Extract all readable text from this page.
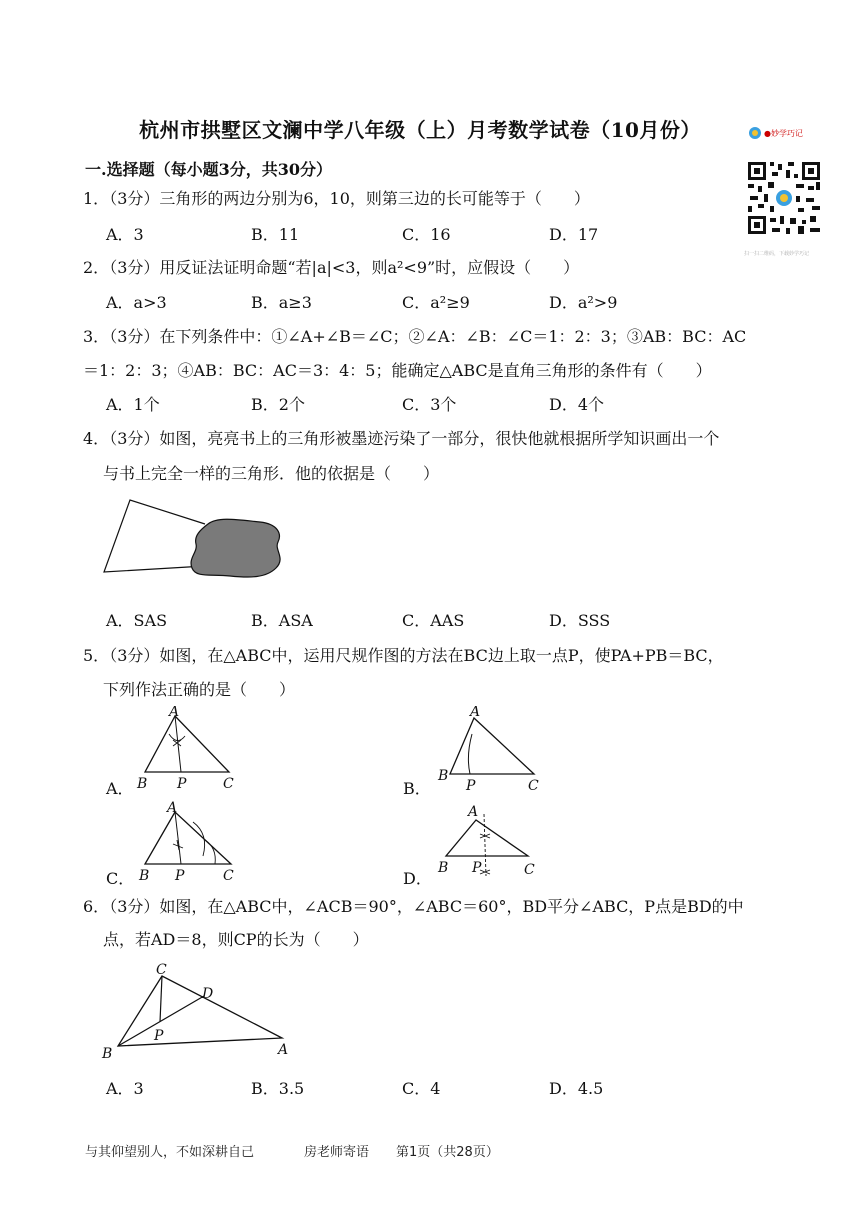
杭州市拱墅区文澜中学八年级（上）月考数学试卷（10月份）	●妙学巧记
扫一扫二维码，下载妙学巧记
一.选择题（每小题3分，共30分）
1．（3分）三角形的两边分别为6，10，则第三边的长可能等于（　　）
A．3	B．11	C．16	D．17
2．（3分）用反证法证明命题“若|a|<3，则a²<9”时，应假设（　　）
A．a>3	B．a≥3	C．a²≥9	D．a²>9
3．（3分）在下列条件中：①∠A+∠B＝∠C；②∠A：∠B：∠C＝1：2：3；③AB：BC：AC
＝1：2：3；④AB：BC：AC＝3：4：5；能确定△ABC是直角三角形的条件有（　　）
A．1个	B．2个	C．3个	D．4个
4．（3分）如图，亮亮书上的三角形被墨迹污染了一部分，很快他就根据所学知识画出一个
与书上完全一样的三角形．他的依据是（　　）
A．SAS	B．ASA	C．AAS	D．SSS
5．（3分）如图，在△ABC中，运用尺规作图的方法在BC边上取一点P，使PA+PB＝BC，
下列作法正确的是（　　）
A．
A
B P	C	B．
A
B
P	C
C．
A
B P	C	D．
A
B P	C
6．（3分）如图，在△ABC中，∠ACB＝90°，∠ABC＝60°，BD平分∠ABC，P点是BD的中
点，若AD＝8，则CP的长为（　　）
C
D
P
B	A
A．3	B．3.5	C．4	D．4.5
与其仰望别人，不如深耕自己	房老师寄语 第1页（共28页）
